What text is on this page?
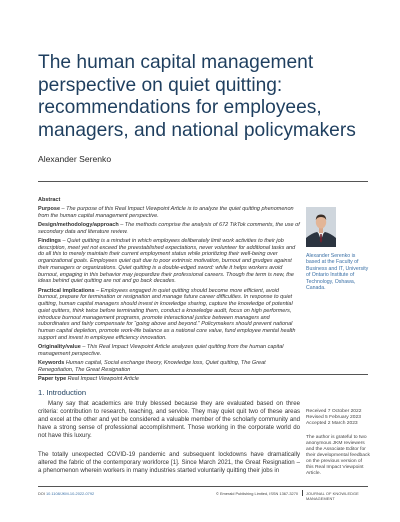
The human capital management perspective on quiet quitting: recommendations for employees, managers, and national policymakers
Alexander Serenko

Abstract

Purpose – The purpose of this Real Impact Viewpoint Article is to analyze the quiet quitting phenomenon from the human capital management perspective.

Design/methodology/approach – The methods comprise the analysis of 672 TikTok comments, the use of secondary data and literature review.

Findings – Quiet quitting is a mindset in which employees deliberately limit work activities to their job description, meet yet not exceed the preestablished expectations, never volunteer for additional tasks and do all this to merely maintain their current employment status while prioritizing their well-being over organizational goals. Employees quiet quit due to poor extrinsic motivation, burnout and grudges against their managers or organizations. Quiet quitting is a double-edged sword: while it helps workers avoid burnout, engaging in this behavior may jeopardize their professional careers. Though the term is new, the ideas behind quiet quitting are not and go back decades.

Practical implications – Employees engaged in quiet quitting should become more efficient, avoid burnout, prepare for termination or resignation and manage future career difficulties. In response to quiet quitting, human capital managers should invest in knowledge sharing, capture the knowledge of potential quiet quitters, think twice before terminating them, conduct a knowledge audit, focus on high performers, introduce burnout management programs, promote interactional justice between managers and subordinates and fairly compensate for “going above and beyond.” Policymakers should prevent national human capital depletion, promote work-life balance as a national core value, fund employee mental health support and invest in employee efficiency innovation.

Originality/value – This Real Impact Viewpoint Article analyzes quiet quitting from the human capital management perspective.

Keywords Human capital, Social exchange theory, Knowledge loss, Quiet quitting, The Great Renegotiation, The Great Resignation

Paper type Real Impact Viewpoint Article

Alexander Serenko is based at the Faculty of Business and IT, University of Ontario Institute of Technology, Oshawa, Canada.
1. Introduction

Many say that academics are truly blessed because they are evaluated based on three criteria: contribution to research, teaching, and service. They may quiet quit two of these areas and excel at the other and yet be considered a valuable member of the scholarly community and have a strong sense of professional accomplishment. Those working in the corporate world do not have this luxury.

The totally unexpected COVID-19 pandemic and subsequent lockdowns have dramatically altered the fabric of the contemporary workforce [1]. Since March 2021, the Great Resignation – a phenomenon wherein workers in many industries started voluntarily quitting their jobs in

Received 7 October 2022
Revised 5 February 2023
Accepted 2 March 2023
The author is grateful to two anonymous JKM reviewers and the Associate Editor for their developmental feedback on the previous version of this Real Impact Viewpoint Article.
DOI 10.1108/JKM-10-2022-0792	© Emerald Publishing Limited, ISSN 1367-3270 JOURNAL OF KNOWLEDGE MANAGEMENT
